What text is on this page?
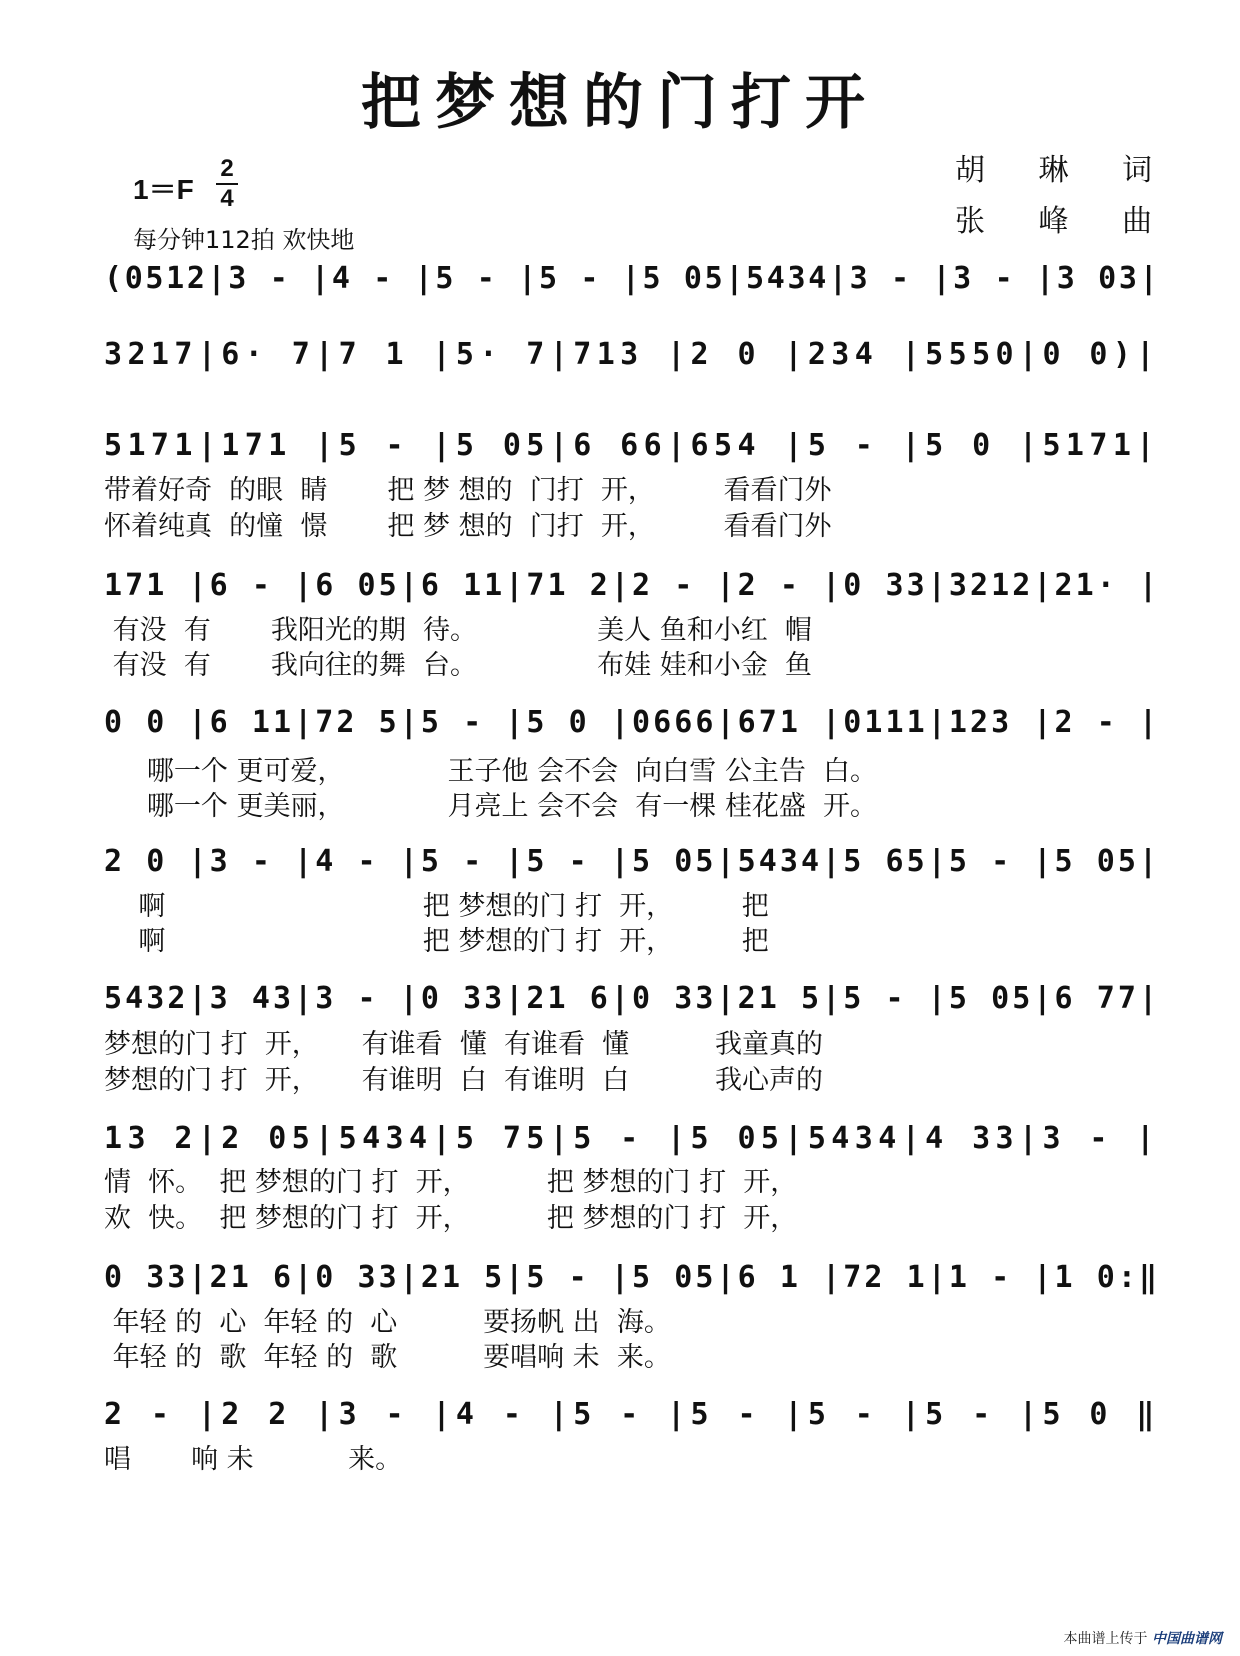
把梦想的门打开
1＝F
2
4
每分钟112拍 欢快地
胡 琳 词
张 峰 曲
(0512|3 - |4 - |5 - |5 - |5 05|5434|3 - |3 - |3 03|
3217|6· 7|7 1 |5· 7|713 |2 0 |234 |5550|0 0)|
5171|171 |5 - |5 05|6 66|654 |5 - |5 0 |5171|
带着好奇  的眼  睛       把 梦 想的  门打  开，        看看门外
怀着纯真  的憧  憬       把 梦 想的  门打  开，        看看门外
171 |6 - |6 05|6 11|71 2|2 - |2 - |0 33|3212|21· |
有没  有       我阳光的期  待。              美人 鱼和小红  帽
有没  有       我向往的舞  台。              布娃 娃和小金  鱼
0 0 |6 11|72 5|5 - |5 0 |0666|671 |0111|123 |2 - |
哪一个 更可爱，            王子他 会不会  向白雪 公主告  白。
哪一个 更美丽，            月亮上 会不会  有一棵 桂花盛  开。
2 0 |3 - |4 - |5 - |5 - |5 05|5434|5 65|5 - |5 05|
啊                              把 梦想的门 打  开，        把
啊                              把 梦想的门 打  开，        把
5432|3 43|3 - |0 33|21 6|0 33|21 5|5 - |5 05|6 77|
梦想的门 打  开，     有谁看  懂  有谁看  懂          我童真的
梦想的门 打  开，     有谁明  白  有谁明  白          我心声的
13 2|2 05|5434|5 75|5 - |5 05|5434|4 33|3 - |
情  怀。  把 梦想的门 打  开，         把 梦想的门 打  开，
欢  快。  把 梦想的门 打  开，         把 梦想的门 打  开，
0 33|21 6|0 33|21 5|5 - |5 05|6 1 |72 1|1 - |1 0:‖
年轻 的  心  年轻 的  心          要扬帆 出  海。
年轻 的  歌  年轻 的  歌          要唱响 未  来。
2 - |2 2 |3 - |4 - |5 - |5 - |5 - |5 - |5 0 ‖
唱       响 未           来。
本曲谱上传于 中国曲谱网
